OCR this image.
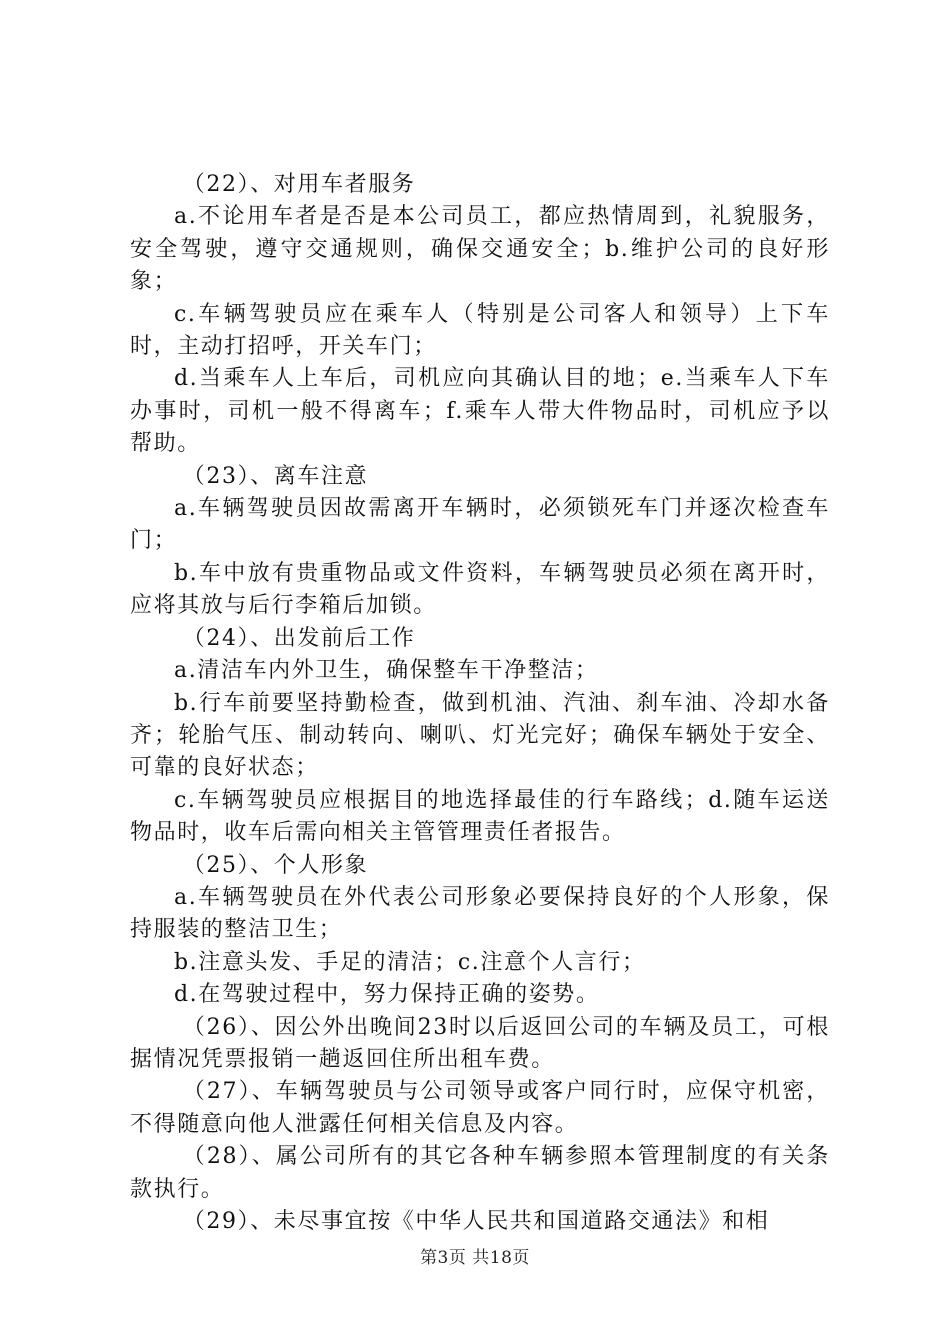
（22）、对用车者服务

a.不论用车者是否是本公司员工，都应热情周到，礼貌服务，安全驾驶，遵守交通规则，确保交通安全；b.维护公司的良好形象；

c.车辆驾驶员应在乘车人（特别是公司客人和领导）上下车时，主动打招呼，开关车门；

d.当乘车人上车后，司机应向其确认目的地；e.当乘车人下车办事时，司机一般不得离车；f.乘车人带大件物品时，司机应予以帮助。

（23）、离车注意

a.车辆驾驶员因故需离开车辆时，必须锁死车门并逐次检查车门；

b.车中放有贵重物品或文件资料，车辆驾驶员必须在离开时，应将其放与后行李箱后加锁。

（24）、出发前后工作

a.清洁车内外卫生，确保整车干净整洁；

b.行车前要坚持勤检查，做到机油、汽油、刹车油、冷却水备齐；轮胎气压、制动转向、喇叭、灯光完好；确保车辆处于安全、可靠的良好状态；

c.车辆驾驶员应根据目的地选择最佳的行车路线；d.随车运送物品时，收车后需向相关主管管理责任者报告。

（25）、个人形象

a.车辆驾驶员在外代表公司形象必要保持良好的个人形象，保持服装的整洁卫生；

b.注意头发、手足的清洁；c.注意个人言行；

d.在驾驶过程中，努力保持正确的姿势。

（26）、因公外出晚间23时以后返回公司的车辆及员工，可根据情况凭票报销一趟返回住所出租车费。

（27）、车辆驾驶员与公司领导或客户同行时，应保守机密，不得随意向他人泄露任何相关信息及内容。

（28）、属公司所有的其它各种车辆参照本管理制度的有关条款执行。

（29）、未尽事宜按《中华人民共和国道路交通法》和相

第3页 共18页
